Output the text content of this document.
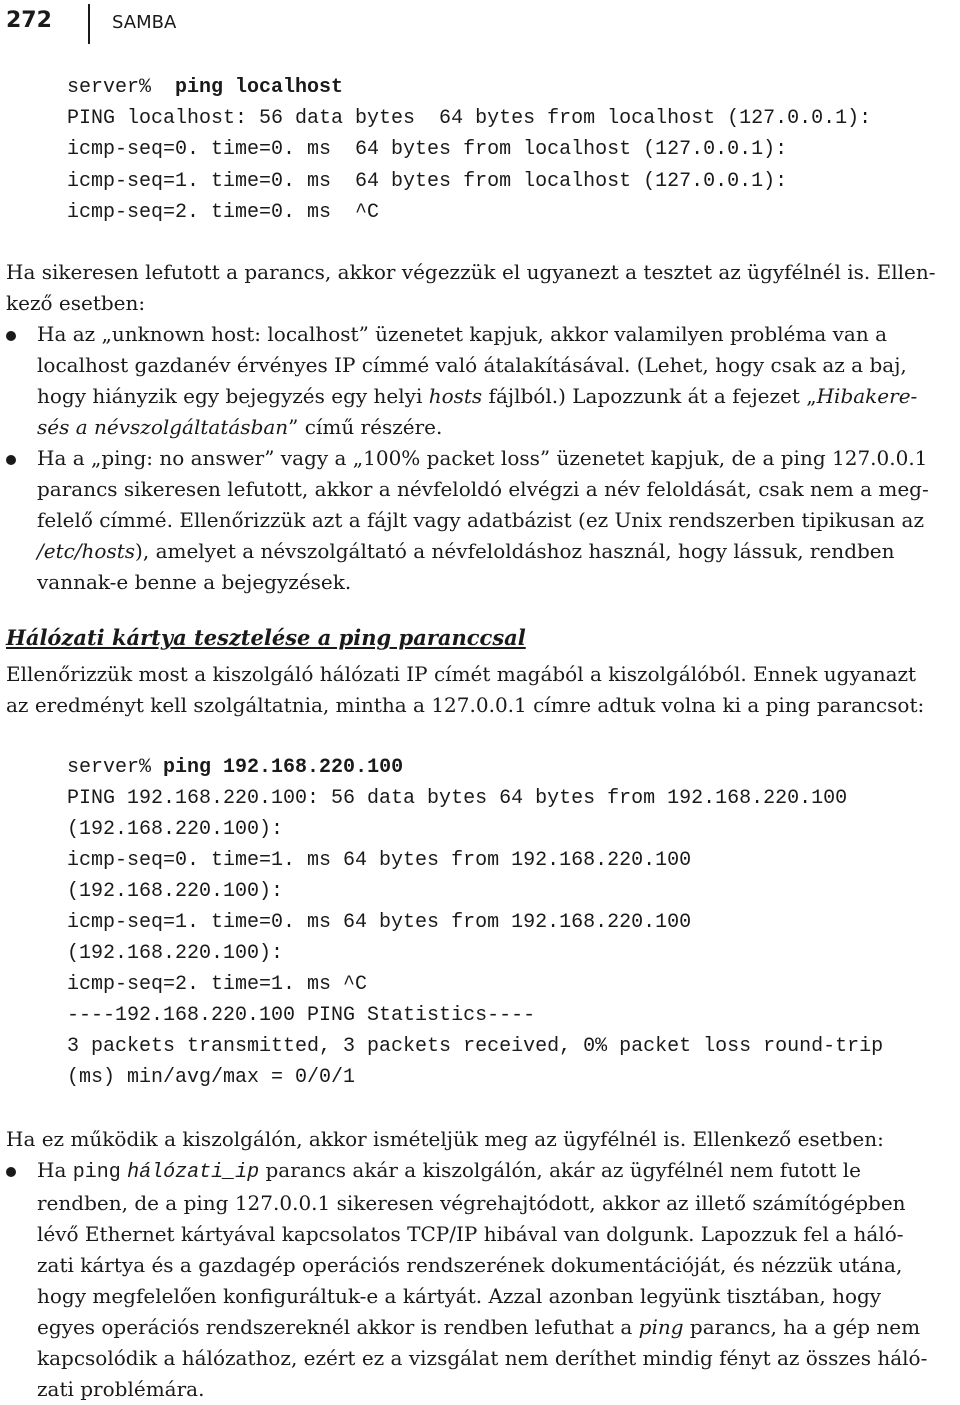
272	SAMBA

server% ping localhost

PING localhost: 56 data bytes  64 bytes from localhost (127.0.0.1):

icmp-seq=0. time=0. ms  64 bytes from localhost (127.0.0.1):

icmp-seq=1. time=0. ms  64 bytes from localhost (127.0.0.1):

icmp-seq=2. time=0. ms  ^C

Ha sikeresen lefutott a parancs, akkor végezzük el ugyanezt a tesztet az ügyfélnél is. Ellen-
kező esetben:
Ha az „unknown host: localhost” üzenetet kapjuk, akkor valamilyen probléma van a
localhost gazdanév érvényes IP címmé való átalakításával. (Lehet, hogy csak az a baj,
hogy hiányzik egy bejegyzés egy helyi hosts fájlból.) Lapozzunk át a fejezet „Hibakere-
sés a névszolgáltatásban” című részére.
Ha a „ping: no answer” vagy a „100% packet loss” üzenetet kapjuk, de a ping 127.0.0.1
parancs sikeresen lefutott, akkor a névfeloldó elvégzi a név feloldását, csak nem a meg-
felelő címmé. Ellenőrizzük azt a fájlt vagy adatbázist (ez Unix rendszerben tipikusan az
/etc/hosts), amelyet a névszolgáltató a névfeloldáshoz használ, hogy lássuk, rendben
vannak-e benne a bejegyzések.
Hálózati kártya tesztelése a ping paranccsal
Ellenőrizzük most a kiszolgáló hálózati IP címét magából a kiszolgálóból. Ennek ugyanazt
az eredményt kell szolgáltatnia, mintha a 127.0.0.1 címre adtuk volna ki a ping parancsot:

server% ping 192.168.220.100

PING 192.168.220.100: 56 data bytes 64 bytes from 192.168.220.100

(192.168.220.100):

icmp-seq=0. time=1. ms 64 bytes from 192.168.220.100

(192.168.220.100):

icmp-seq=1. time=0. ms 64 bytes from 192.168.220.100

(192.168.220.100):

icmp-seq=2. time=1. ms ^C

----192.168.220.100 PING Statistics----

3 packets transmitted, 3 packets received, 0% packet loss round-trip

(ms) min/avg/max = 0/0/1

Ha ez működik a kiszolgálón, akkor ismételjük meg az ügyfélnél is. Ellenkező esetben:
Ha ping hálózati_ip parancs akár a kiszolgálón, akár az ügyfélnél nem futott le
rendben, de a ping 127.0.0.1 sikeresen végrehajtódott, akkor az illető számítógépben
lévő Ethernet kártyával kapcsolatos TCP/IP hibával van dolgunk. Lapozzuk fel a háló-
zati kártya és a gazdagép operációs rendszerének dokumentációját, és nézzük utána,
hogy megfelelően konfiguráltuk-e a kártyát. Azzal azonban legyünk tisztában, hogy
egyes operációs rendszereknél akkor is rendben lefuthat a ping parancs, ha a gép nem
kapcsolódik a hálózathoz, ezért ez a vizsgálat nem deríthet mindig fényt az összes háló-
zati problémára.
